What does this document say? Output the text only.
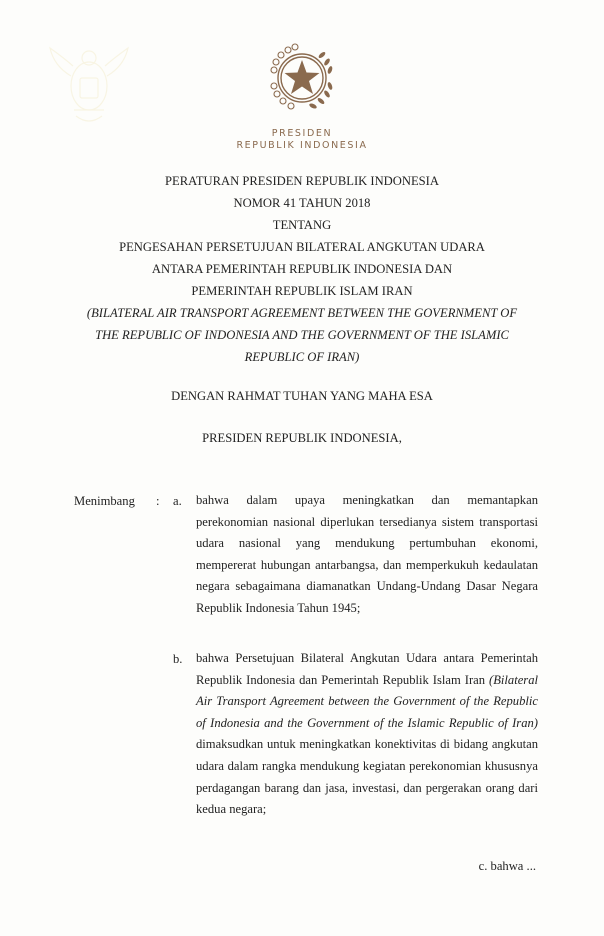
PRESIDEN
REPUBLIK INDONESIA
PERATURAN PRESIDEN REPUBLIK INDONESIA
NOMOR 41 TAHUN 2018
TENTANG
PENGESAHAN PERSETUJUAN BILATERAL ANGKUTAN UDARA
ANTARA PEMERINTAH REPUBLIK INDONESIA DAN
PEMERINTAH REPUBLIK ISLAM IRAN
(BILATERAL AIR TRANSPORT AGREEMENT BETWEEN THE GOVERNMENT OF
THE REPUBLIC OF INDONESIA AND THE GOVERNMENT OF THE ISLAMIC
REPUBLIC OF IRAN)
DENGAN RAHMAT TUHAN YANG MAHA ESA
PRESIDEN REPUBLIK INDONESIA,
Menimbang : a. bahwa dalam upaya meningkatkan dan memantapkan perekonomian nasional diperlukan tersedianya sistem transportasi udara nasional yang mendukung pertumbuhan ekonomi, mempererat hubungan antarbangsa, dan memperkukuh kedaulatan negara sebagaimana diamanatkan Undang-Undang Dasar Negara Republik Indonesia Tahun 1945;
b. bahwa Persetujuan Bilateral Angkutan Udara antara Pemerintah Republik Indonesia dan Pemerintah Republik Islam Iran (Bilateral Air Transport Agreement between the Government of the Republic of Indonesia and the Government of the Islamic Republic of Iran) dimaksudkan untuk meningkatkan konektivitas di bidang angkutan udara dalam rangka mendukung kegiatan perekonomian khususnya perdagangan barang dan jasa, investasi, dan pergerakan orang dari kedua negara;
c. bahwa ...
